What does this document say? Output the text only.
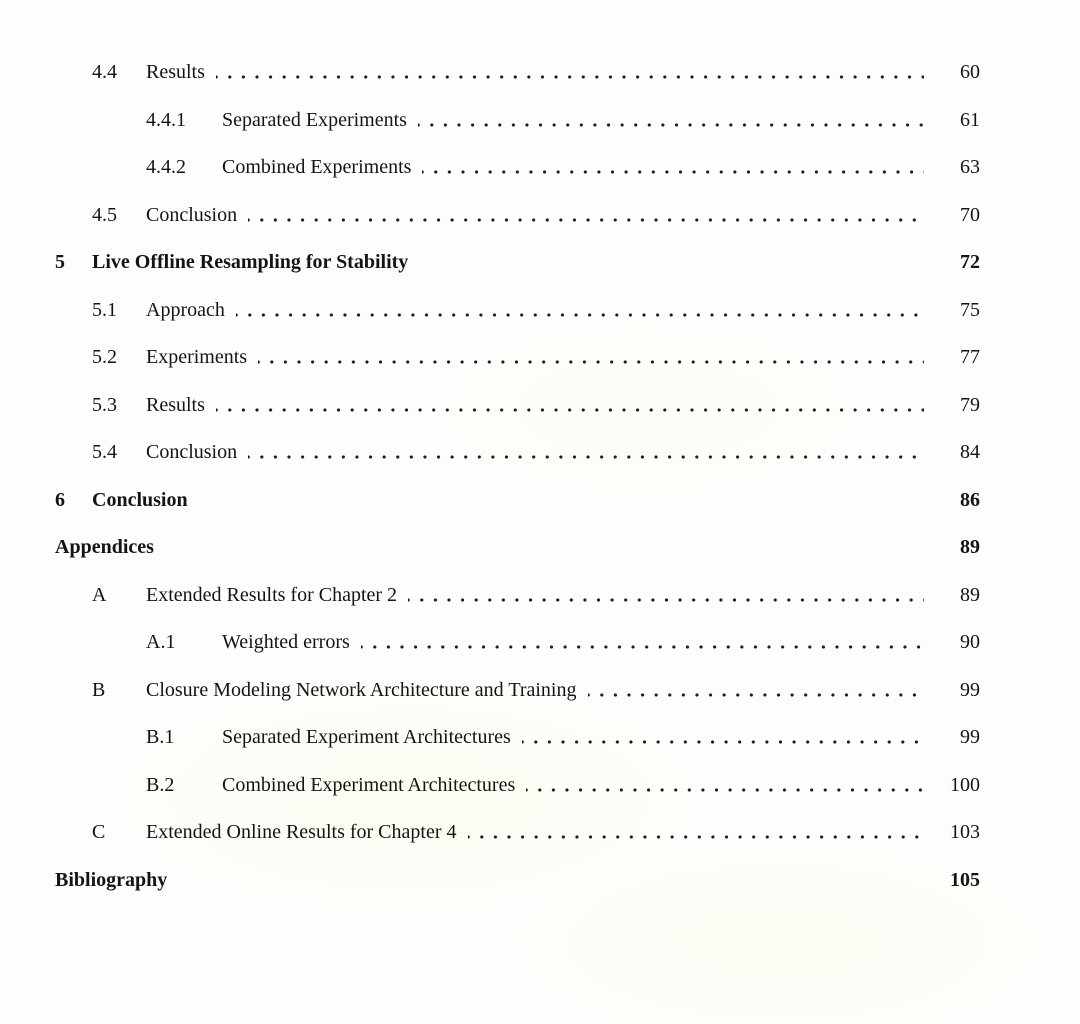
4.4	Results	60
4.4.1	Separated Experiments	61
4.4.2	Combined Experiments	63
4.5	Conclusion	70
5	Live Offline Resampling for Stability	72
5.1	Approach	75
5.2	Experiments	77
5.3	Results	79
5.4	Conclusion	84
6	Conclusion	86
Appendices	89
A	Extended Results for Chapter 2	89
A.1	Weighted errors	90
B	Closure Modeling Network Architecture and Training	99
B.1	Separated Experiment Architectures	99
B.2	Combined Experiment Architectures	100
C	Extended Online Results for Chapter 4	103
Bibliography	105
